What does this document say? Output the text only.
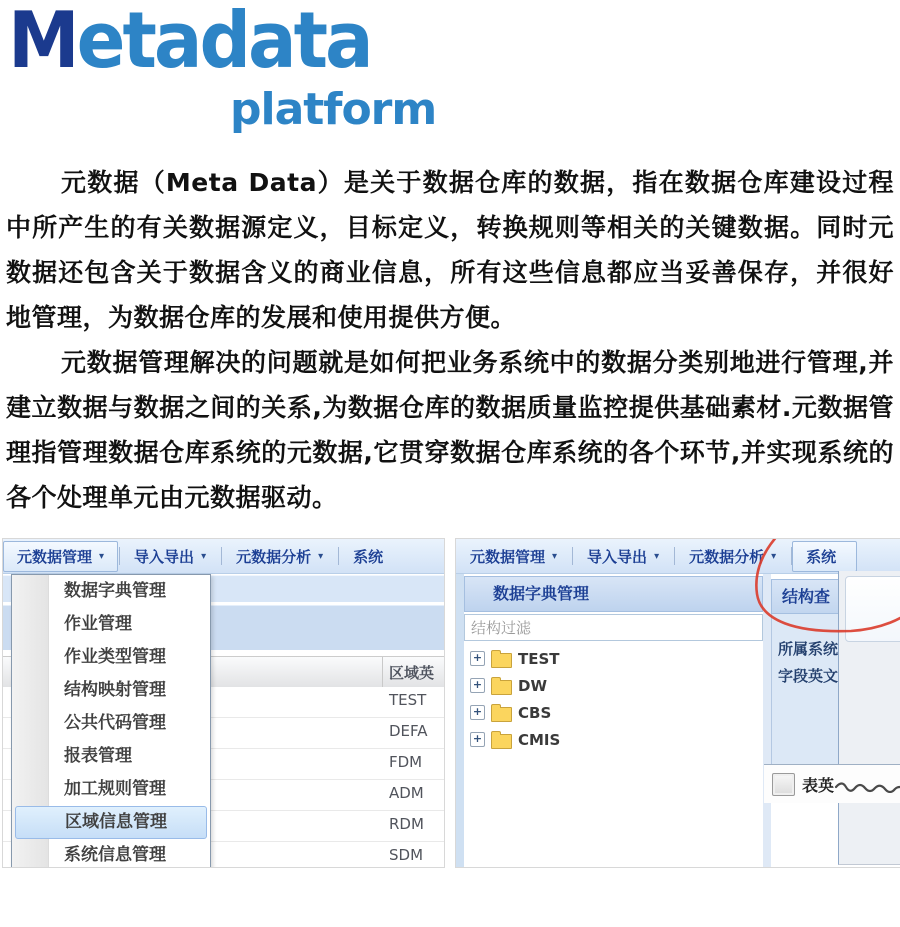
Metadata
platform

元数据（Meta Data）是关于数据仓库的数据，指在数据仓库建设过程中所产生的有关数据源定义，目标定义，转换规则等相关的关键数据。同时元数据还包含关于数据含义的商业信息，所有这些信息都应当妥善保存，并很好地管理，为数据仓库的发展和使用提供方便。

元数据管理解决的问题就是如何把业务系统中的数据分类别地进行管理,并建立数据与数据之间的关系,为数据仓库的数据质量监控提供基础素材.元数据管理指管理数据仓库系统的元数据,它贯穿数据仓库系统的各个环节,并实现系统的各个处理单元由元数据驱动。

区域英
TEST
DEFA
FDM
ADM
RDM
SDM
元数据管理 ▾ 导入导出 ▾ 元数据分析 ▾ 系统
数据字典管理
作业管理
作业类型管理
结构映射管理
公共代码管理
报表管理
加工规则管理
区域信息管理
系统信息管理
元数据管理 ▾ 导入导出 ▾ 元数据分析 ▾ 系统
数据字典管理
结构过滤
+ TEST
+ DW
+ CBS
+ CMIS
结构查
所属系统
字段英文
表英
